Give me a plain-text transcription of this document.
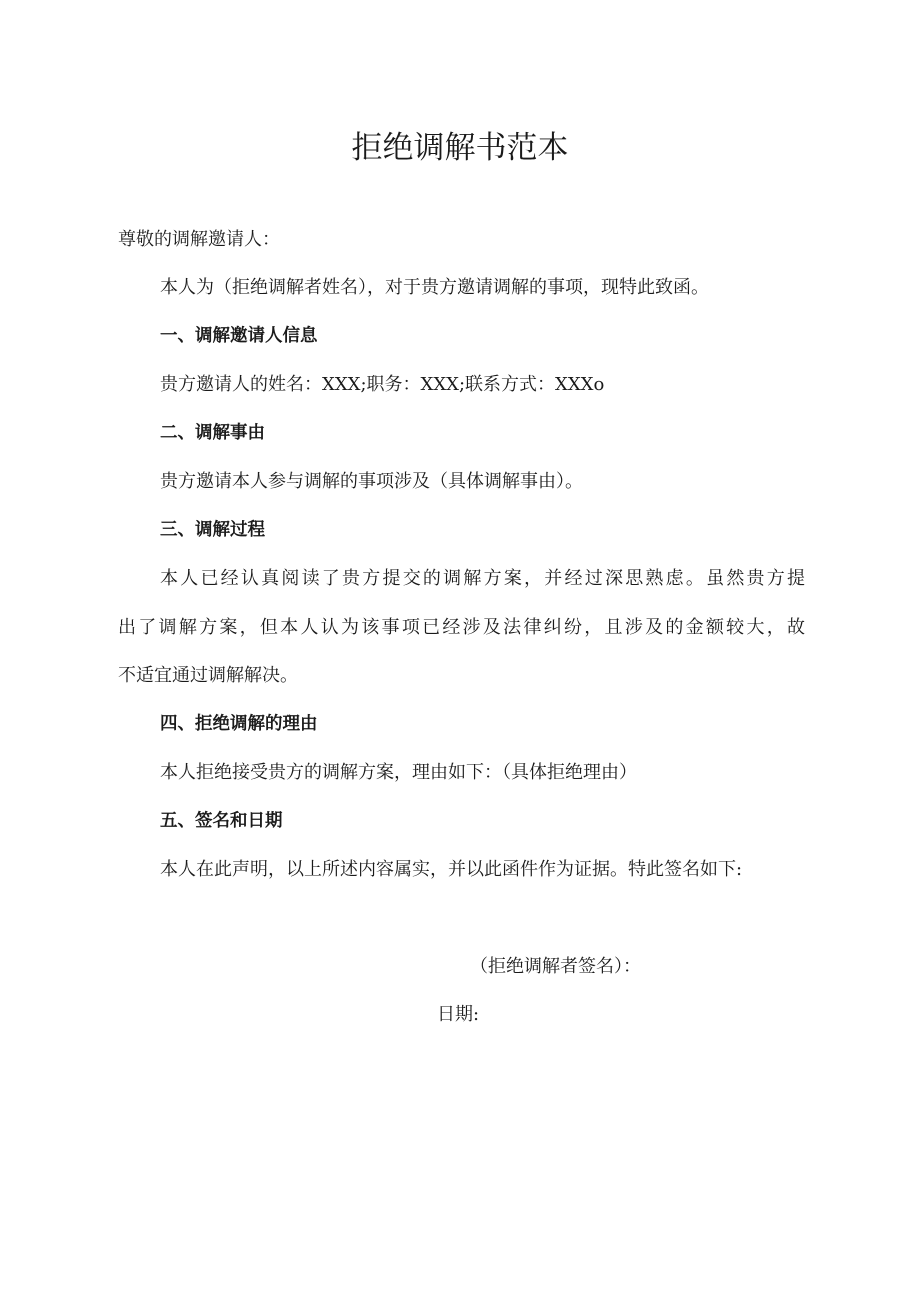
拒绝调解书范本

尊敬的调解邀请人：

本人为（拒绝调解者姓名），对于贵方邀请调解的事项，现特此致函。

一、调解邀请人信息

贵方邀请人的姓名：XXX;职务：XXX;联系方式：XXXo

二、调解事由

贵方邀请本人参与调解的事项涉及（具体调解事由）。

三、调解过程

本人已经认真阅读了贵方提交的调解方案，并经过深思熟虑。虽然贵方提

出了调解方案，但本人认为该事项已经涉及法律纠纷，且涉及的金额较大，故

不适宜通过调解解决。

四、拒绝调解的理由

本人拒绝接受贵方的调解方案，理由如下：（具体拒绝理由）

五、签名和日期

本人在此声明，以上所述内容属实，并以此函件作为证据。特此签名如下:

（拒绝调解者签名）：

日期:
